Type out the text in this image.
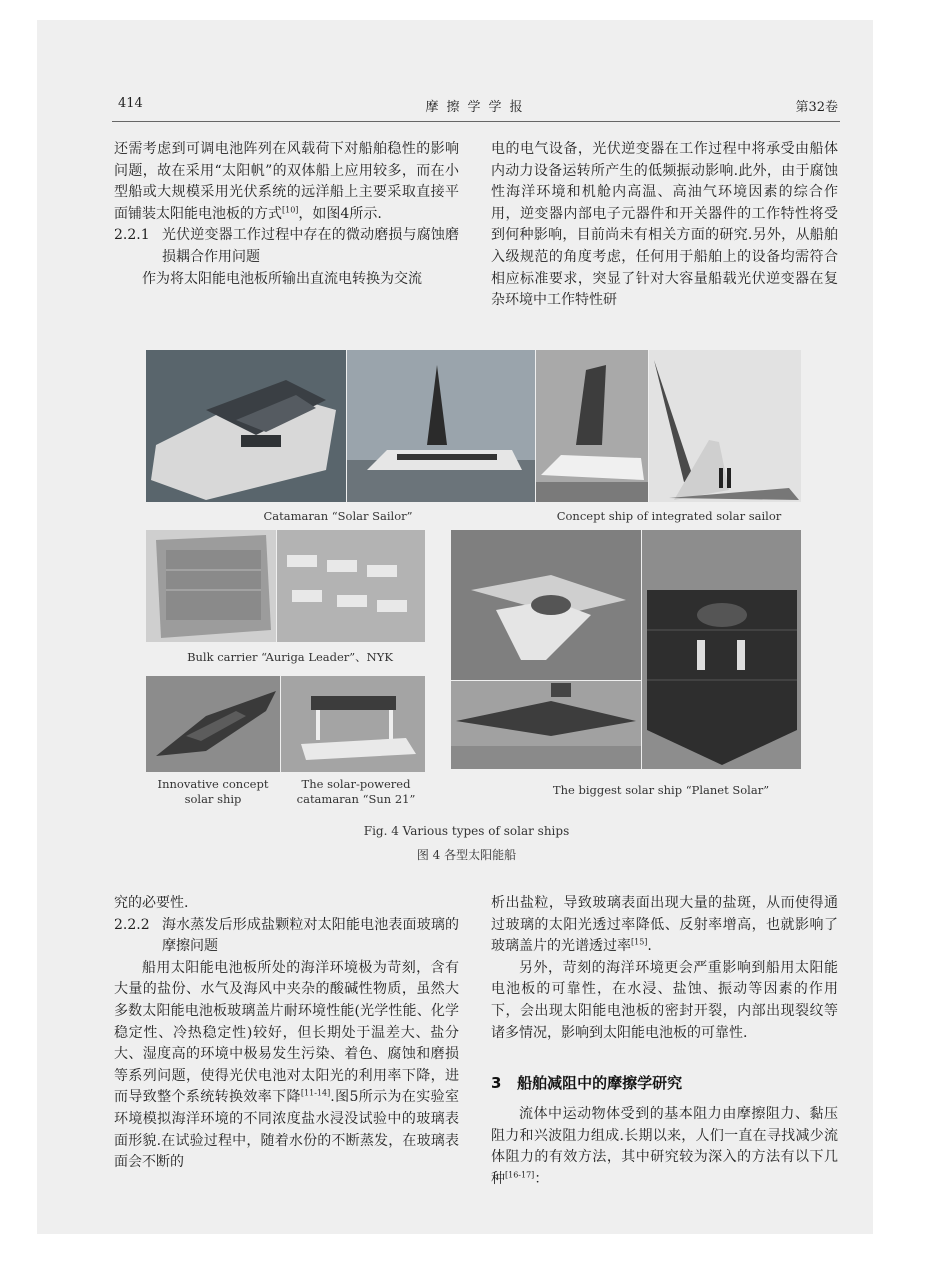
414	摩擦学学报	第32卷

还需考虑到可调电池阵列在风载荷下对船舶稳性的影响问题，故在采用“太阳帆”的双体船上应用较多，而在小型船或大规模采用光伏系统的远洋船上主要采取直接平面铺装太阳能电池板的方式[10]，如图4所示.

2.2.1 光伏逆变器工作过程中存在的微动磨损与腐蚀磨损耦合作用问题

作为将太阳能电池板所输出直流电转换为交流

电的电气设备，光伏逆变器在工作过程中将承受由船体内动力设备运转所产生的低频振动影响.此外，由于腐蚀性海洋环境和机舱内高温、高油气环境因素的综合作用，逆变器内部电子元器件和开关器件的工作特性将受到何种影响，目前尚未有相关方面的研究.另外，从船舶入级规范的角度考虑，任何用于船舶上的设备均需符合相应标准要求，突显了针对大容量船载光伏逆变器在复杂环境中工作特性研

Catamaran “Solar Sailor”	Concept ship of integrated solar sailor
Bulk carrier “Auriga Leader”、NYK
Innovative concept
solar ship
The solar-powered
catamaran “Sun 21”
The biggest solar ship “Planet Solar”
Fig. 4 Various types of solar ships
图 4 各型太阳能船

究的必要性.

2.2.2 海水蒸发后形成盐颗粒对太阳能电池表面玻璃的摩擦问题

船用太阳能电池板所处的海洋环境极为苛刻，含有大量的盐份、水气及海风中夹杂的酸碱性物质，虽然大多数太阳能电池板玻璃盖片耐环境性能(光学性能、化学稳定性、冷热稳定性)较好，但长期处于温差大、盐分大、湿度高的环境中极易发生污染、着色、腐蚀和磨损等系列问题，使得光伏电池对太阳光的利用率下降，进而导致整个系统转换效率下降[11-14].图5所示为在实验室环境模拟海洋环境的不同浓度盐水浸没试验中的玻璃表面形貌.在试验过程中，随着水份的不断蒸发，在玻璃表面会不断的

析出盐粒，导致玻璃表面出现大量的盐斑，从而使得通过玻璃的太阳光透过率降低、反射率增高，也就影响了玻璃盖片的光谱透过率[15].

另外，苛刻的海洋环境更会严重影响到船用太阳能电池板的可靠性，在水浸、盐蚀、振动等因素的作用下，会出现太阳能电池板的密封开裂，内部出现裂纹等诸多情况，影响到太阳能电池板的可靠性.

3 船舶减阻中的摩擦学研究

流体中运动物体受到的基本阻力由摩擦阻力、黏压阻力和兴波阻力组成.长期以来，人们一直在寻找减少流体阻力的有效方法，其中研究较为深入的方法有以下几种[16-17]：
